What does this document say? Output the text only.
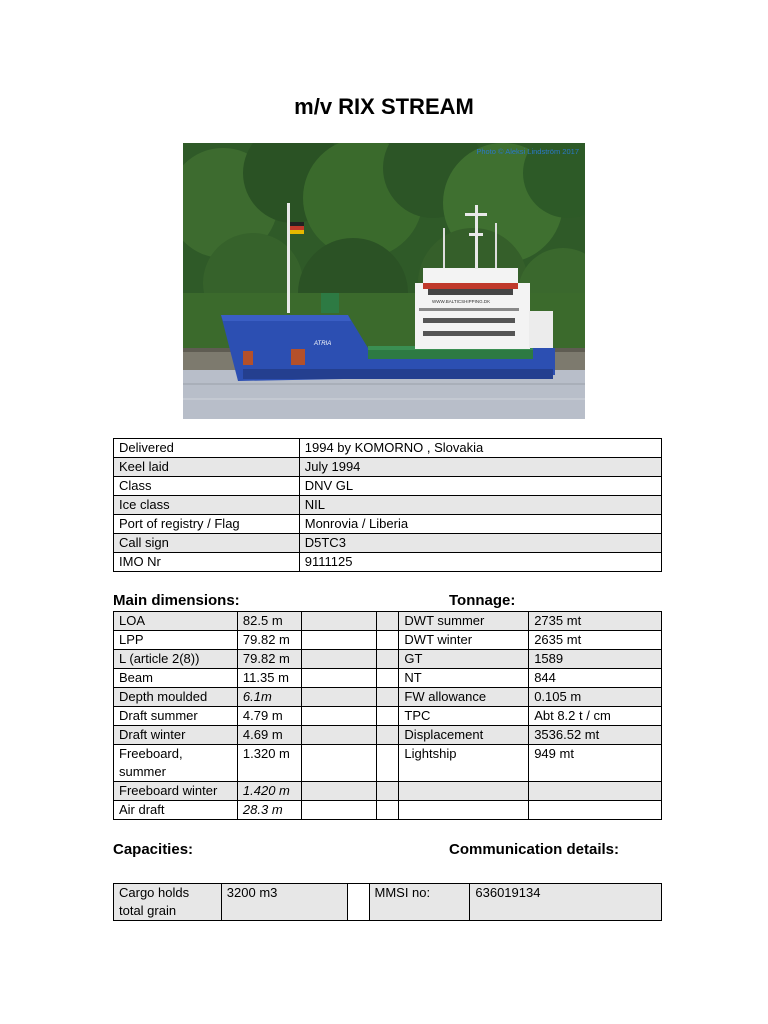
m/v RIX STREAM
ATRIA
WWW.BALTICSHIPPING.DK
Photo © Aleksi Lindström 2017
Delivered	1994 by KOMORNO , Slovakia
Keel laid	July 1994
Class	DNV GL
Ice class	NIL
Port of registry / Flag	Monrovia / Liberia
Call sign	D5TC3
IMO Nr	9111125
Main dimensions:	Tonnage:
LOA	82.5 m			DWT summer	2735 mt
LPP	79.82 m			DWT winter	2635 mt
L (article 2(8))	79.82 m			GT	1589
Beam	11.35 m			NT	844
Depth moulded	6.1m			FW allowance	0.105 m
Draft summer	4.79 m			TPC	Abt 8.2 t / cm
Draft winter	4.69 m			Displacement	3536.52 mt
Freeboard, summer	1.320 m			Lightship	949 mt
Freeboard winter	1.420 m				
Air draft	28.3 m				
Capacities:	Communication details:
Cargo holds total grain	3200 m3		MMSI no:	636019134
